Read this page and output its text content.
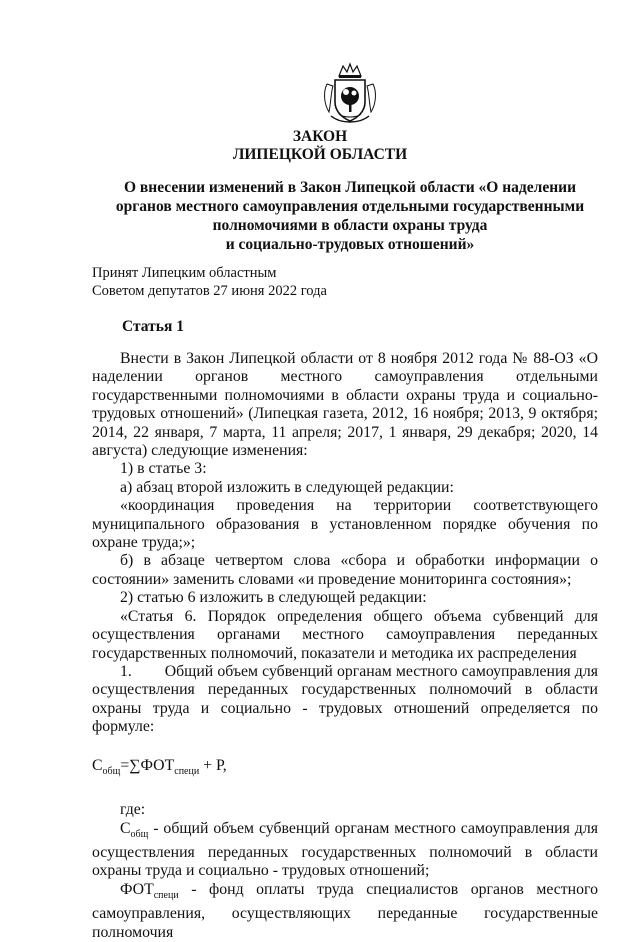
ЗАКОН
ЛИПЕЦКОЙ ОБЛАСТИ
О внесении изменений в Закон Липецкой области «О наделении
органов местного самоуправления отдельными государственными
полномочиями в области охраны труда
и социально-трудовых отношений»
Принят Липецким областным
Советом депутатов 27 июня 2022 года
Статья 1

Внести в Закон Липецкой области от 8 ноября 2012 года № 88-ОЗ «О наделении органов местного самоуправления отдельными государственными полномочиями в области охраны труда и социально-трудовых отношений» (Липецкая газета, 2012, 16 ноября; 2013, 9 октября; 2014, 22 января, 7 марта, 11 апреля; 2017, 1 января, 29 декабря; 2020, 14 августа) следующие изменения:

1) в статье 3:

а) абзац второй изложить в следующей редакции:

«координация проведения на территории соответствующего муниципального образования в установленном порядке обучения по охране труда;»;

б) в абзаце четвертом слова «сбора и обработки информации о состоянии» заменить словами «и проведение мониторинга состояния»;

2) статью 6 изложить в следующей редакции:

«Статья 6. Порядок определения общего объема субвенций для осуществления органами местного самоуправления переданных государственных полномочий, показатели и методика их распределения

1.        Общий объем субвенций органам местного самоуправления для осуществления переданных государственных полномочий в области охраны труда и социально - трудовых отношений определяется по формуле:

$С_{общ}=\sum ФОТ_{специ} + Р$,

где:

$С_{общ}$ - общий объем субвенций органам местного самоуправления для осуществления переданных государственных полномочий в области охраны труда и социально - трудовых отношений;

$ФОТ_{специ}$ - фонд оплаты труда специалистов органов местного самоуправления, осуществляющих переданные государственные полномочия
